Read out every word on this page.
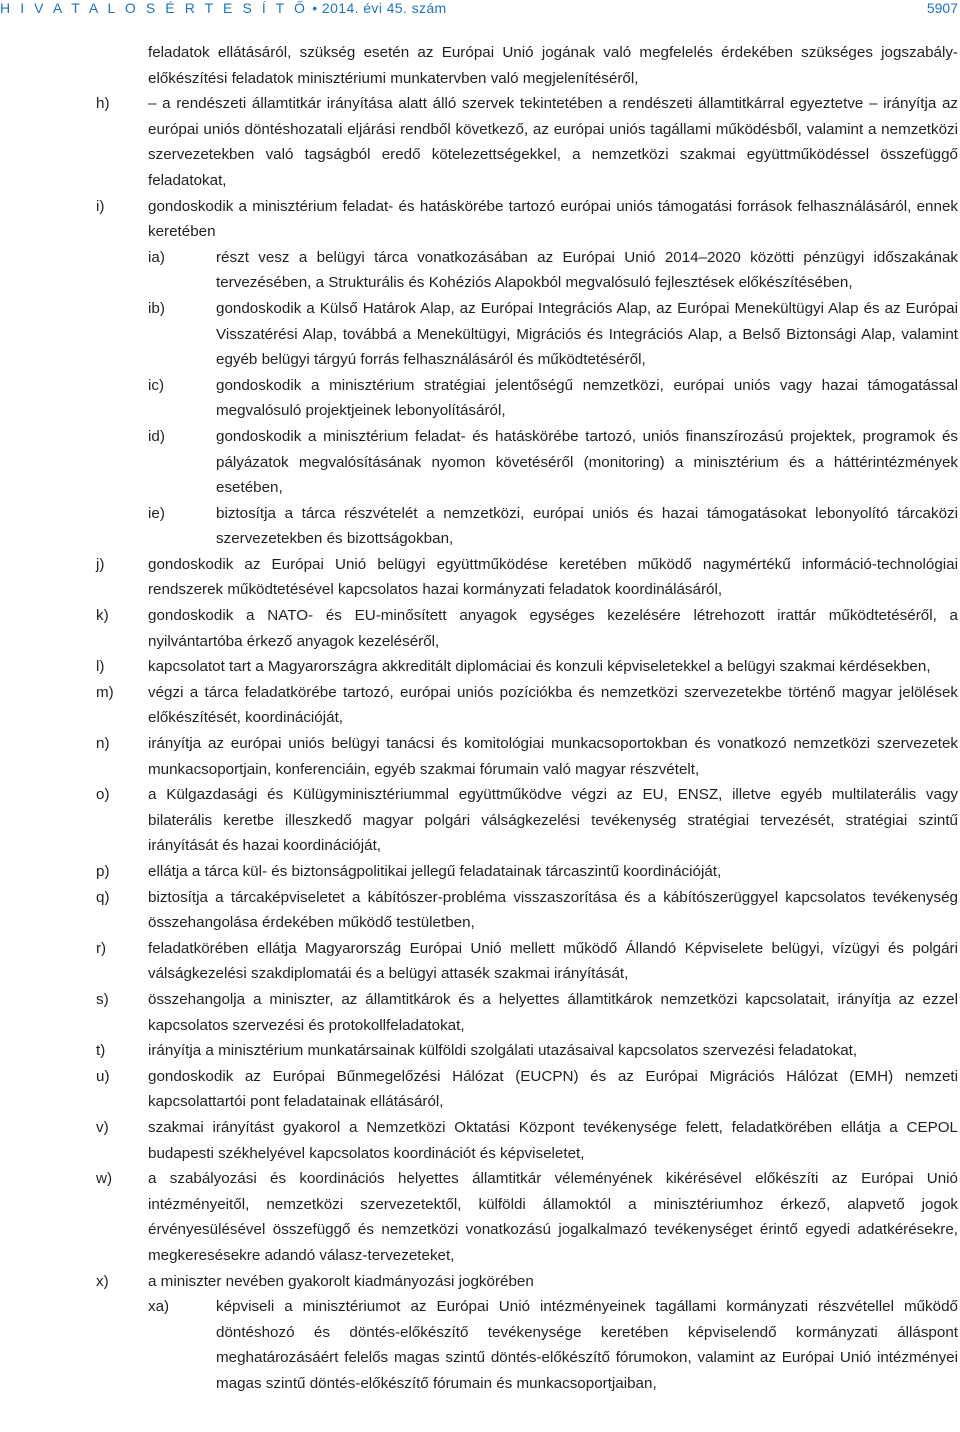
H I V A T A L O S É R T E S Í T Ő • 2014. évi 45. szám	5907
feladatok ellátásáról, szükség esetén az Európai Unió jogának való megfelelés érdekében szükséges jogszabály-előkészítési feladatok minisztériumi munkatervben való megjelenítéséről,
h)	– a rendészeti államtitkár irányítása alatt álló szervek tekintetében a rendészeti államtitkárral egyeztetve – irányítja az európai uniós döntéshozatali eljárási rendből következő, az európai uniós tagállami működésből, valamint a nemzetközi szervezetekben való tagságból eredő kötelezettségekkel, a nemzetközi szakmai együttműködéssel összefüggő feladatokat,
i)	gondoskodik a minisztérium feladat- és hatáskörébe tartozó európai uniós támogatási források felhasználásáról, ennek keretében
ia)	részt vesz a belügyi tárca vonatkozásában az Európai Unió 2014–2020 közötti pénzügyi időszakának tervezésében, a Strukturális és Kohéziós Alapokból megvalósuló fejlesztések előkészítésében,
ib)	gondoskodik a Külső Határok Alap, az Európai Integrációs Alap, az Európai Menekültügyi Alap és az Európai Visszatérési Alap, továbbá a Menekültügyi, Migrációs és Integrációs Alap, a Belső Biztonsági Alap, valamint egyéb belügyi tárgyú forrás felhasználásáról és működtetéséről,
ic)	gondoskodik a minisztérium stratégiai jelentőségű nemzetközi, európai uniós vagy hazai támogatással megvalósuló projektjeinek lebonyolításáról,
id)	gondoskodik a minisztérium feladat- és hatáskörébe tartozó, uniós finanszírozású projektek, programok és pályázatok megvalósításának nyomon követéséről (monitoring) a minisztérium és a háttérintézmények esetében,
ie)	biztosítja a tárca részvételét a nemzetközi, európai uniós és hazai támogatásokat lebonyolító tárcaközi szervezetekben és bizottságokban,
j)	gondoskodik az Európai Unió belügyi együttműködése keretében működő nagymértékű információ-technológiai rendszerek működtetésével kapcsolatos hazai kormányzati feladatok koordinálásáról,
k)	gondoskodik a NATO- és EU-minősített anyagok egységes kezelésére létrehozott irattár működtetéséről, a nyilvántartóba érkező anyagok kezeléséről,
l)	kapcsolatot tart a Magyarországra akkreditált diplomáciai és konzuli képviseletekkel a belügyi szakmai kérdésekben,
m) végzi a tárca feladatkörébe tartozó, európai uniós pozíciókba és nemzetközi szervezetekbe történő magyar jelölések előkészítését, koordinációját,
n)	irányítja az európai uniós belügyi tanácsi és komitológiai munkacsoportokban és vonatkozó nemzetközi szervezetek munkacsoportjain, konferenciáin, egyéb szakmai fórumain való magyar részvételt,
o)	a Külgazdasági és Külügyminisztériummal együttműködve végzi az EU, ENSZ, illetve egyéb multilaterális vagy bilaterális keretbe illeszkedő magyar polgári válságkezelési tevékenység stratégiai tervezését, stratégiai szintű irányítását és hazai koordinációját,
p)	ellátja a tárca kül- és biztonságpolitikai jellegű feladatainak tárcaszintű koordinációját,
q)	biztosítja a tárcaképviseletet a kábítószer-probléma visszaszorítása és a kábítószerüggyel kapcsolatos tevékenység összehangolása érdekében működő testületben,
r)	feladatkörében ellátja Magyarország Európai Unió mellett működő Állandó Képviselete belügyi, vízügyi és polgári válságkezelési szakdiplomatái és a belügyi attasék szakmai irányítását,
s)	összehangolja a miniszter, az államtitkárok és a helyettes államtitkárok nemzetközi kapcsolatait, irányítja az ezzel kapcsolatos szervezési és protokollfeladatokat,
t)	irányítja a minisztérium munkatársainak külföldi szolgálati utazásaival kapcsolatos szervezési feladatokat,
u)	gondoskodik az Európai Bűnmegelőzési Hálózat (EUCPN) és az Európai Migrációs Hálózat (EMH) nemzeti kapcsolattartói pont feladatainak ellátásáról,
v)	szakmai irányítást gyakorol a Nemzetközi Oktatási Központ tevékenysége felett, feladatkörében ellátja a CEPOL budapesti székhelyével kapcsolatos koordinációt és képviseletet,
w) a szabályozási és koordinációs helyettes államtitkár véleményének kikérésével előkészíti az Európai Unió intézményeitől, nemzetközi szervezetektől, külföldi államoktól a minisztériumhoz érkező, alapvető jogok érvényesülésével összefüggő és nemzetközi vonatkozású jogalkalmazó tevékenységet érintő egyedi adatkérésekre, megkeresésekre adandó válasz-tervezeteket,
x)	a miniszter nevében gyakorolt kiadmányozási jogkörében
xa)	képviseli a minisztériumot az Európai Unió intézményeinek tagállami kormányzati részvétellel működő döntéshozó és döntés-előkészítő tevékenysége keretében képviselendő kormányzati álláspont meghatározásáért felelős magas szintű döntés-előkészítő fórumokon, valamint az Európai Unió intézményei magas szintű döntés-előkészítő fórumain és munkacsoportjaiban,
